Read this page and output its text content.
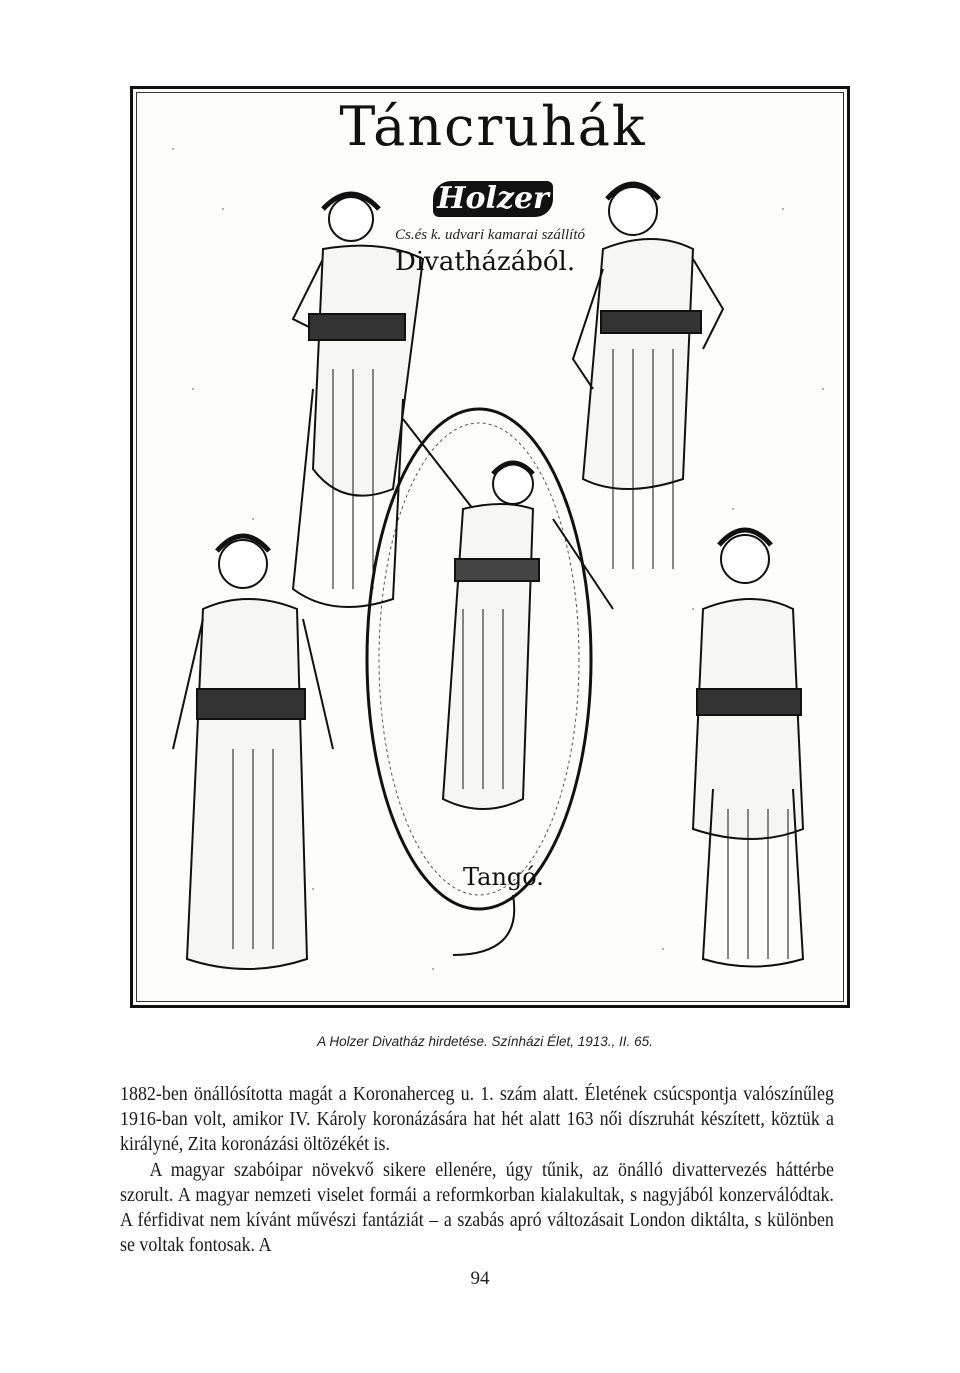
Táncruhák
Holzer
Cs.és k. udvari kamarai szállító
Divatházából.
Tangó.
A Holzer Divatház hirdetése. Színházi Élet, 1913., II. 65.

1882-ben önállósította magát a Koronaherceg u. 1. szám alatt. Életének csúcspontja valószínűleg 1916-ban volt, amikor IV. Károly koronázására hat hét alatt 163 női díszruhát készített, köztük a királyné, Zita koronázási öltözékét is.

A magyar szabóipar növekvő sikere ellenére, úgy tűnik, az önálló divattervezés háttérbe szorult. A magyar nemzeti viselet formái a reformkorban kialakultak, s nagyjából konzerválódtak. A férfidivat nem kívánt művészi fantáziát – a szabás apró változásait London diktálta, s különben se voltak fontosak. A

94
